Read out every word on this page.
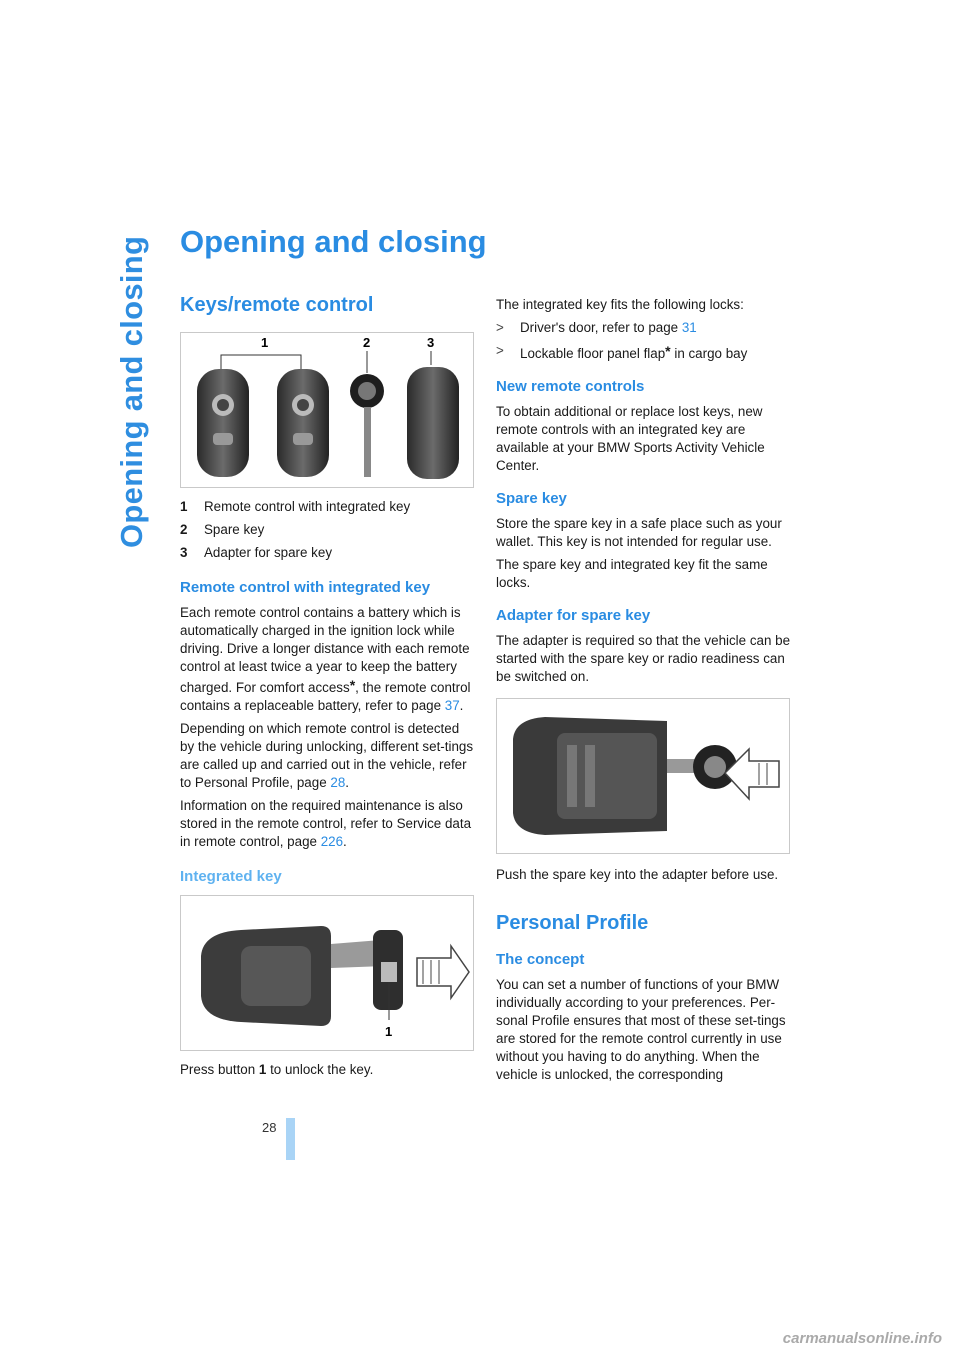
Opening and closing Opening and closing
Keys/remote control
1	2	3
1	Remote control with integrated key
2	Spare key
3	Adapter for spare key
Remote control with integrated key

Each remote control contains a battery which is automatically charged in the ignition lock while driving. Drive a longer distance with each remote control at least twice a year to keep the battery charged. For comfort access*, the remote control contains a replaceable battery, refer to page 37.

Depending on which remote control is detected by the vehicle during unlocking, different set-tings are called up and carried out in the vehicle, refer to Personal Profile, page 28.

Information on the required maintenance is also stored in the remote control, refer to Service data in remote control, page 226.

Integrated key
1

Press button 1 to unlock the key.

The integrated key fits the following locks:

>	Driver's door, refer to page 31
>	Lockable floor panel flap* in cargo bay
New remote controls

To obtain additional or replace lost keys, new remote controls with an integrated key are available at your BMW Sports Activity Vehicle Center.

Spare key

Store the spare key in a safe place such as your wallet. This key is not intended for regular use.

The spare key and integrated key fit the same locks.

Adapter for spare key

The adapter is required so that the vehicle can be started with the spare key or radio readiness can be switched on.

Push the spare key into the adapter before use.

Personal Profile
The concept

You can set a number of functions of your BMW individually according to your preferences. Per-sonal Profile ensures that most of these set-tings are stored for the remote control currently in use without you having to do anything. When the vehicle is unlocked, the corresponding

28
carmanualsonline.info
